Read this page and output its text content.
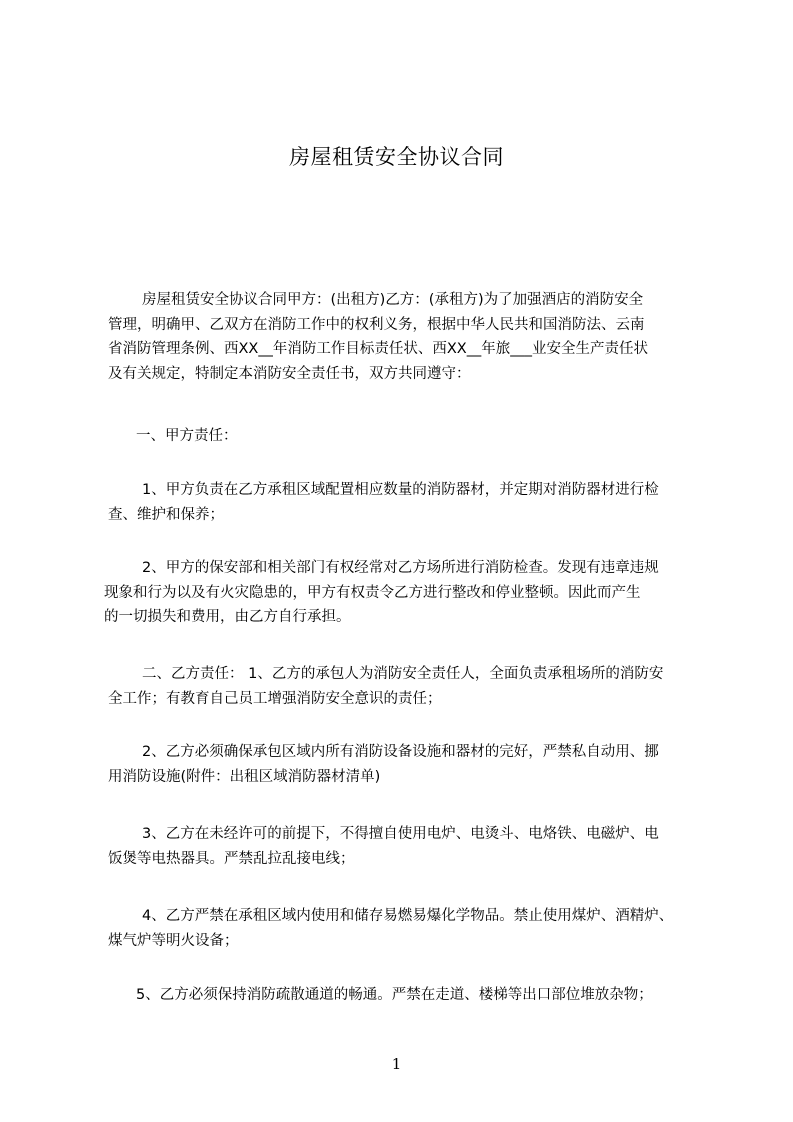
房屋租赁安全协议合同
房屋租赁安全协议合同甲方：(出租方)乙方：(承租方)为了加强酒店的消防安全
管理，明确甲、乙双方在消防工作中的权利义务，根据中华人民共和国消防法、云南
省消防管理条例、西XX__年消防工作目标责任状、西XX__年旅___业安全生产责任状
及有关规定，特制定本消防安全责任书，双方共同遵守：
一、甲方责任：
1、甲方负责在乙方承租区域配置相应数量的消防器材，并定期对消防器材进行检
查、维护和保养；
2、甲方的保安部和相关部门有权经常对乙方场所进行消防检查。发现有违章违规
现象和行为以及有火灾隐患的，甲方有权责令乙方进行整改和停业整顿。因此而产生
的一切损失和费用，由乙方自行承担。
二、乙方责任： 1、乙方的承包人为消防安全责任人，全面负责承租场所的消防安
全工作；有教育自己员工增强消防安全意识的责任；
2、乙方必须确保承包区域内所有消防设备设施和器材的完好，严禁私自动用、挪
用消防设施(附件：出租区域消防器材清单)
3、乙方在未经许可的前提下，不得擅自使用电炉、电烫斗、电烙铁、电磁炉、电
饭煲等电热器具。严禁乱拉乱接电线；
4、乙方严禁在承租区域内使用和储存易燃易爆化学物品。禁止使用煤炉、酒精炉、
煤气炉等明火设备；
5、乙方必须保持消防疏散通道的畅通。严禁在走道、楼梯等出口部位堆放杂物；
1
